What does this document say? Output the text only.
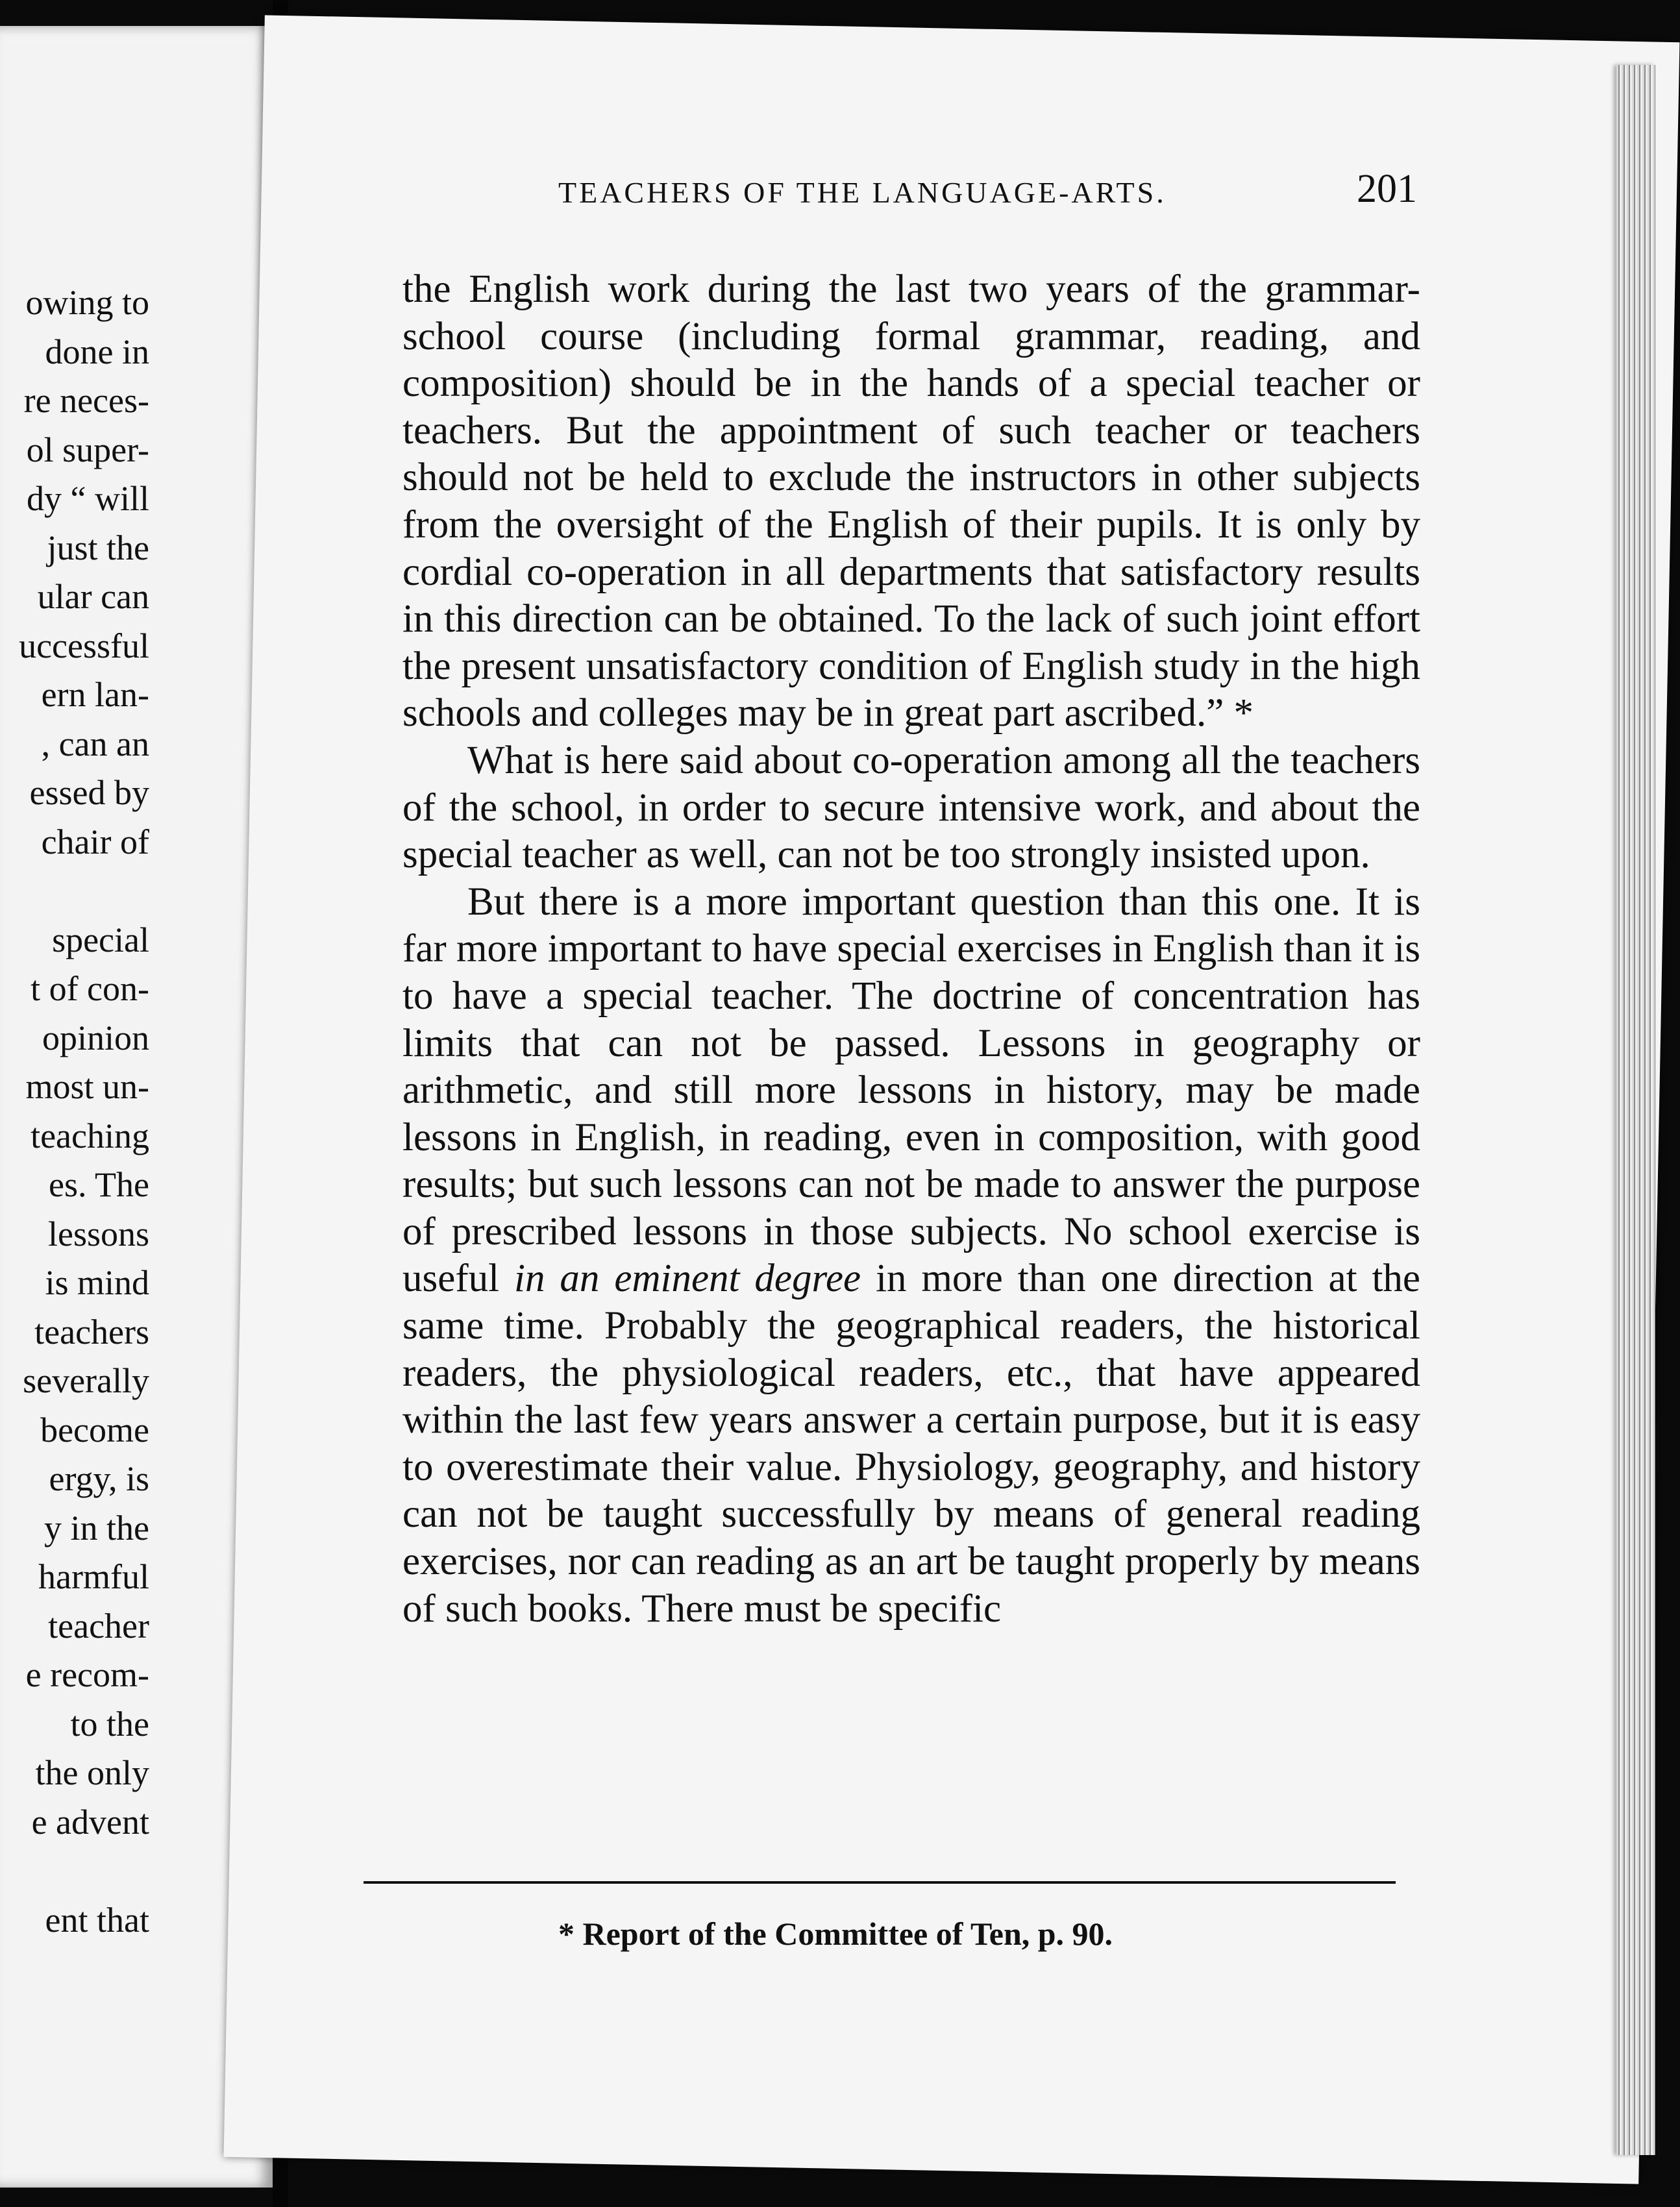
owing to
done in
re neces-
ol super-
dy “ will
just the
ular can
uccessful
ern lan-
, can an
essed by
chair of
special
t of con-
opinion
most un-
teaching
es. The
lessons
is mind
teachers
severally
become
ergy, is
y in the
harmful
teacher
e recom-
to the
the only
e advent
ent that
TEACHERS OF THE LANGUAGE-ARTS.	201

the English work during the last two years of the grammar-school course (including formal grammar, reading, and composition) should be in the hands of a special teacher or teachers. But the appointment of such teacher or teachers should not be held to exclude the instructors in other subjects from the oversight of the English of their pupils. It is only by cordial co-operation in all departments that satisfactory results in this direction can be obtained. To the lack of such joint effort the present unsatisfactory condition of English study in the high schools and colleges may be in great part ascribed.” *

What is here said about co-operation among all the teachers of the school, in order to secure intensive work, and about the special teacher as well, can not be too strongly insisted upon.

But there is a more important question than this one. It is far more important to have special exercises in English than it is to have a special teacher. The doctrine of concentration has limits that can not be passed. Lessons in geography or arithmetic, and still more lessons in history, may be made lessons in English, in reading, even in composition, with good results; but such lessons can not be made to answer the purpose of prescribed lessons in those subjects. No school exercise is useful in an eminent degree in more than one direction at the same time. Probably the geographical readers, the historical readers, the physiological readers, etc., that have appeared within the last few years answer a certain purpose, but it is easy to overestimate their value. Physiology, geography, and history can not be taught successfully by means of general reading exercises, nor can reading as an art be taught properly by means of such books. There must be specific

* Report of the Committee of Ten, p. 90.
